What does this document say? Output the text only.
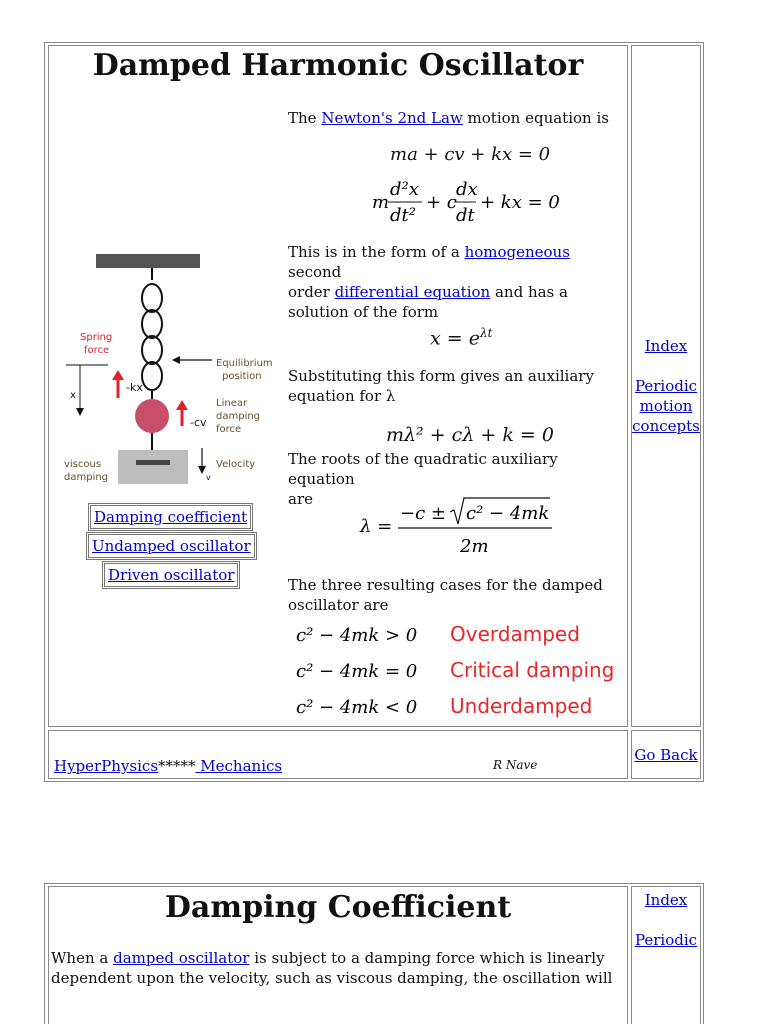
Damped Harmonic Oscillator
The Newton's 2nd Law motion equation is
ma + cv + kx = 0
m
d²x
dt²
+ c
dx
dt
+ kx = 0
This is in the form of a homogeneous second
order differential equation and has a
solution of the form
$x = e^{\lambda t}$
Substituting this form gives an auxiliary
equation for λ
mλ² + cλ + k = 0
The roots of the quadratic auxiliary equation
are
λ =
−c ± c² − 4mk
2m
The three resulting cases for the damped
oscillator are
c² − 4mk > 0 Overdamped
c² − 4mk = 0 Critical damping
c² − 4mk < 0 Underdamped
Spring
force
-kx
x
Equilibrium
position
-cv
Linear
damping
force
v
Velocity
viscous
damping
Damping coefficient
Undamped oscillator
Driven oscillator
Index
Periodic
motion
concepts
HyperPhysics***** Mechanics	R Nave
Go Back
Damping Coefficient
When a damped oscillator is subject to a damping force which is linearly
dependent upon the velocity, such as viscous damping, the oscillation will
Index
Periodic
